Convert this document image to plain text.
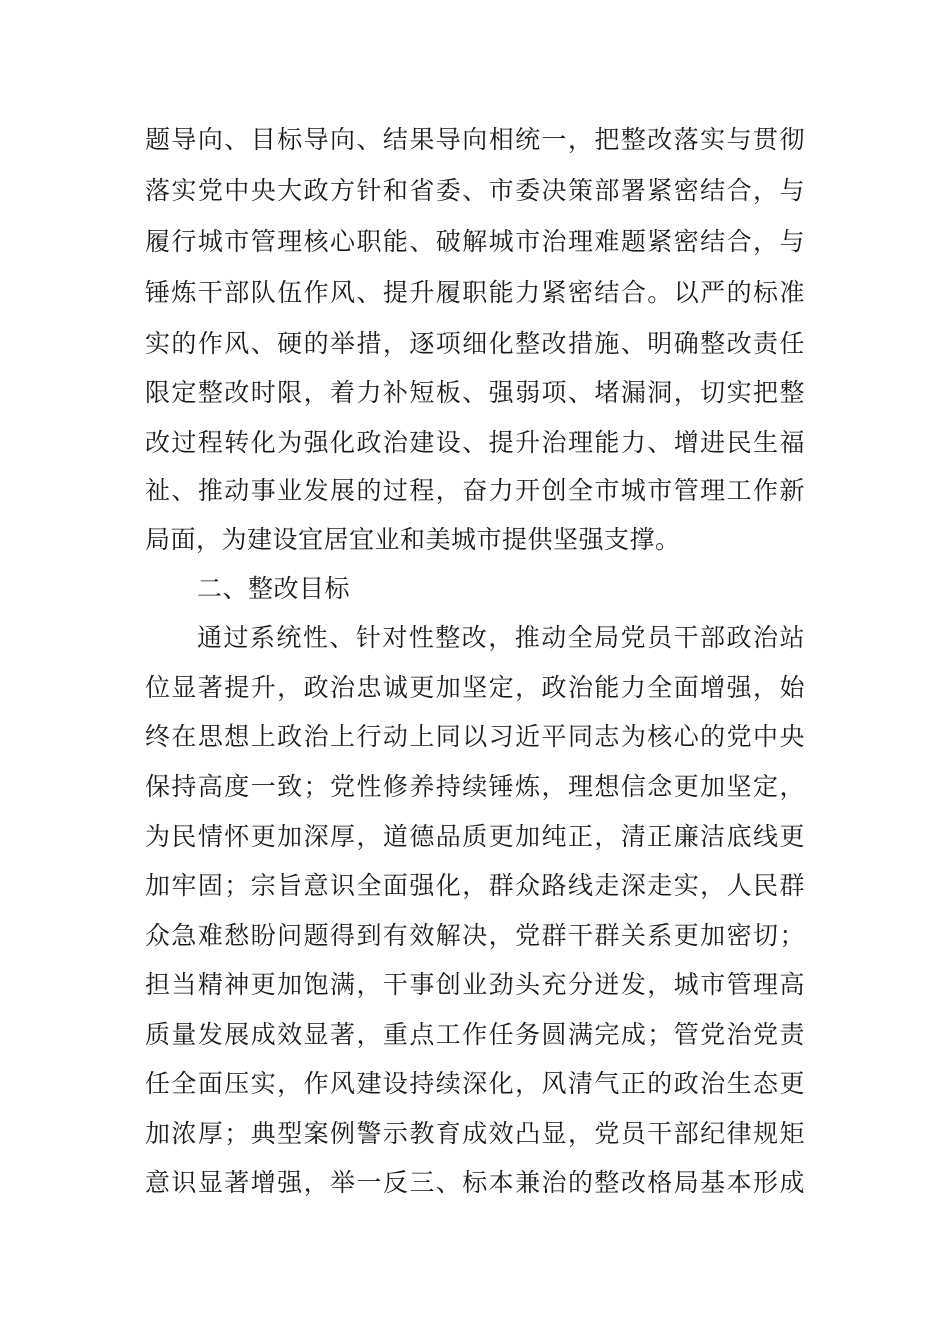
题导向、目标导向、结果导向相统一，把整改落实与贯彻
落实党中央大政方针和省委、市委决策部署紧密结合，与
履行城市管理核心职能、破解城市治理难题紧密结合，与
锤炼干部队伍作风、提升履职能力紧密结合。以严的标准
实的作风、硬的举措，逐项细化整改措施、明确整改责任
限定整改时限，着力补短板、强弱项、堵漏洞，切实把整
改过程转化为强化政治建设、提升治理能力、增进民生福
祉、推动事业发展的过程，奋力开创全市城市管理工作新
局面，为建设宜居宜业和美城市提供坚强支撑。
二、整改目标
通过系统性、针对性整改，推动全局党员干部政治站
位显著提升，政治忠诚更加坚定，政治能力全面增强，始
终在思想上政治上行动上同以习近平同志为核心的党中央
保持高度一致；党性修养持续锤炼，理想信念更加坚定，
为民情怀更加深厚，道德品质更加纯正，清正廉洁底线更
加牢固；宗旨意识全面强化，群众路线走深走实，人民群
众急难愁盼问题得到有效解决，党群干群关系更加密切；
担当精神更加饱满，干事创业劲头充分迸发，城市管理高
质量发展成效显著，重点工作任务圆满完成；管党治党责
任全面压实，作风建设持续深化，风清气正的政治生态更
加浓厚；典型案例警示教育成效凸显，党员干部纪律规矩
意识显著增强，举一反三、标本兼治的整改格局基本形成
